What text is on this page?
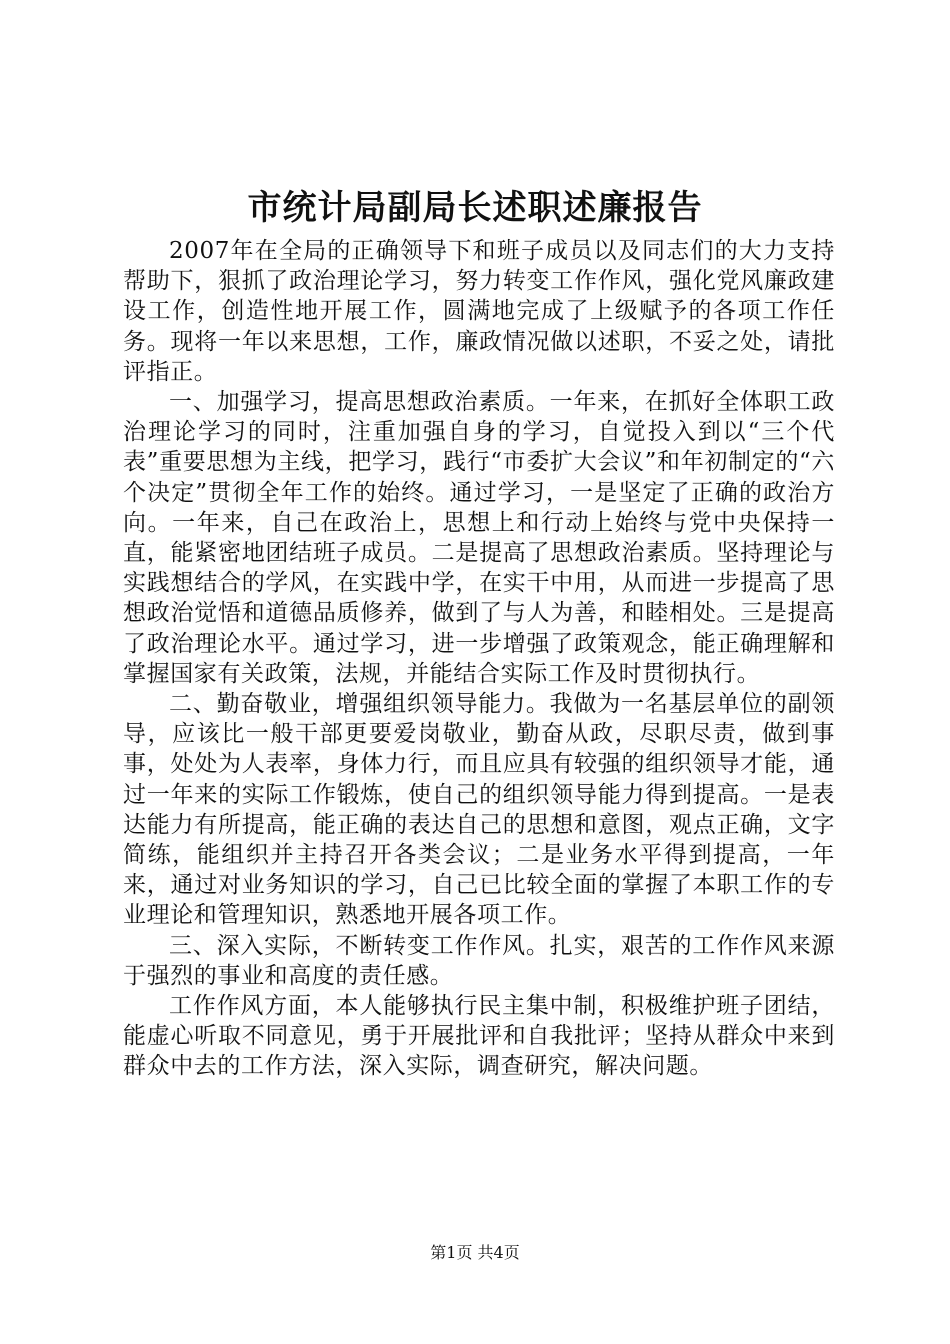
市统计局副局长述职述廉报告

2007年在全局的正确领导下和班子成员以及同志们的大力支持帮助下，狠抓了政治理论学习，努力转变工作作风，强化党风廉政建设工作，创造性地开展工作，圆满地完成了上级赋予的各项工作任务。现将一年以来思想，工作，廉政情况做以述职，不妥之处，请批评指正。

一、加强学习，提高思想政治素质。一年来，在抓好全体职工政治理论学习的同时，注重加强自身的学习，自觉投入到以“三个代表”重要思想为主线，把学习，践行“市委扩大会议”和年初制定的“六个决定”贯彻全年工作的始终。通过学习，一是坚定了正确的政治方向。一年来，自己在政治上，思想上和行动上始终与党中央保持一直，能紧密地团结班子成员。二是提高了思想政治素质。坚持理论与实践想结合的学风，在实践中学，在实干中用，从而进一步提高了思想政治觉悟和道德品质修养，做到了与人为善，和睦相处。三是提高了政治理论水平。通过学习，进一步增强了政策观念，能正确理解和掌握国家有关政策，法规，并能结合实际工作及时贯彻执行。

二、勤奋敬业，增强组织领导能力。我做为一名基层单位的副领导，应该比一般干部更要爱岗敬业，勤奋从政，尽职尽责，做到事事，处处为人表率，身体力行，而且应具有较强的组织领导才能，通过一年来的实际工作锻炼，使自己的组织领导能力得到提高。一是表达能力有所提高，能正确的表达自己的思想和意图，观点正确，文字简练，能组织并主持召开各类会议；二是业务水平得到提高，一年来，通过对业务知识的学习，自己已比较全面的掌握了本职工作的专业理论和管理知识，熟悉地开展各项工作。

三、深入实际，不断转变工作作风。扎实，艰苦的工作作风来源于强烈的事业和高度的责任感。

工作作风方面，本人能够执行民主集中制，积极维护班子团结，能虚心听取不同意见，勇于开展批评和自我批评；坚持从群众中来到群众中去的工作方法，深入实际，调查研究，解决问题。

第1页 共4页
